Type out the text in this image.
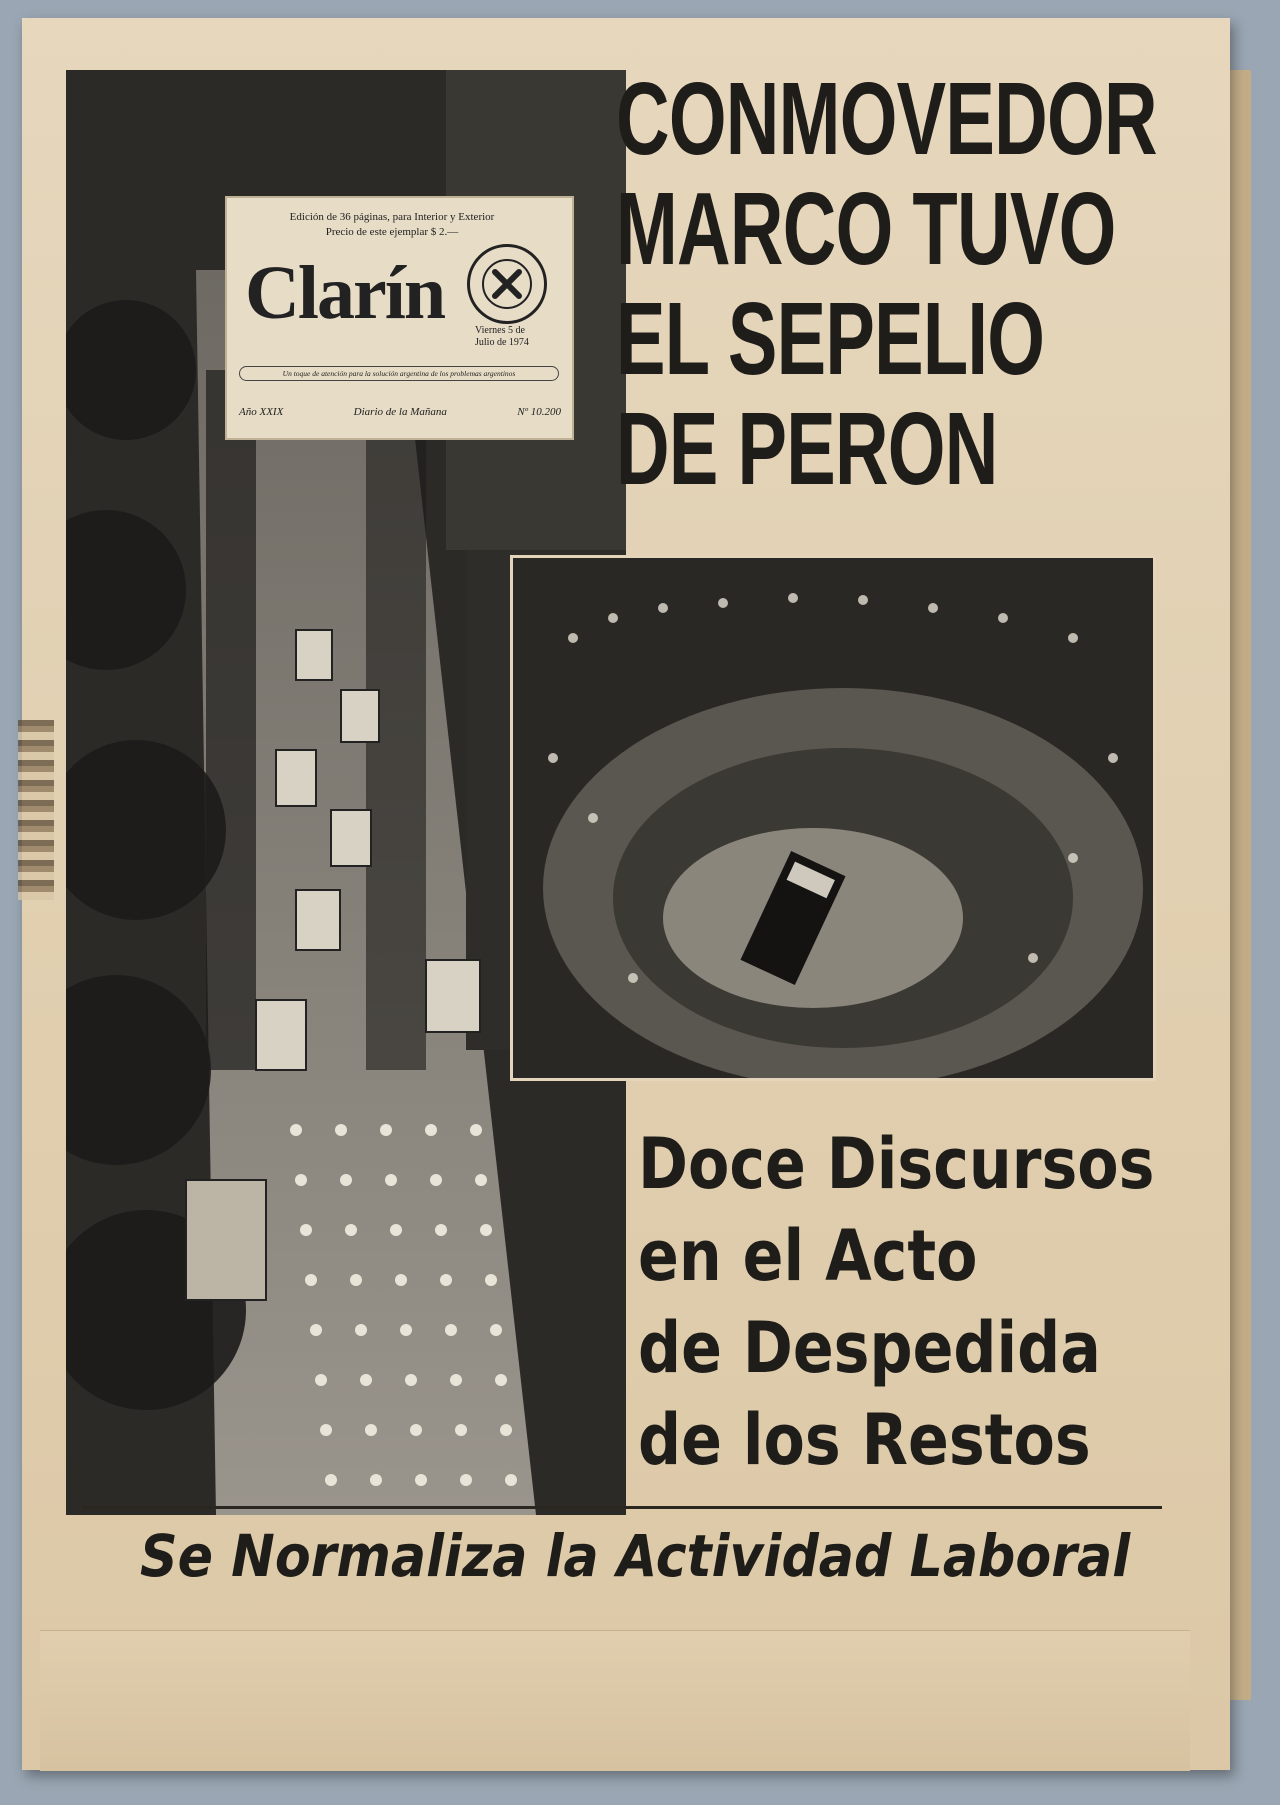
Edición de 36 páginas, para Interior y Exterior
Precio de este ejemplar $ 2.—
Clarín	Viernes 5 de
Julio de 1974
Un toque de atención para la solución argentina de los problemas argentinos
Año XXIX	Diario de la Mañana	Nº 10.200
CONMOVEDOR
MARCO TUVO
EL SEPELIO
DE PERON
Doce Discursos
en el Acto
de Despedida
de los Restos
Se Normaliza la Actividad Laboral
